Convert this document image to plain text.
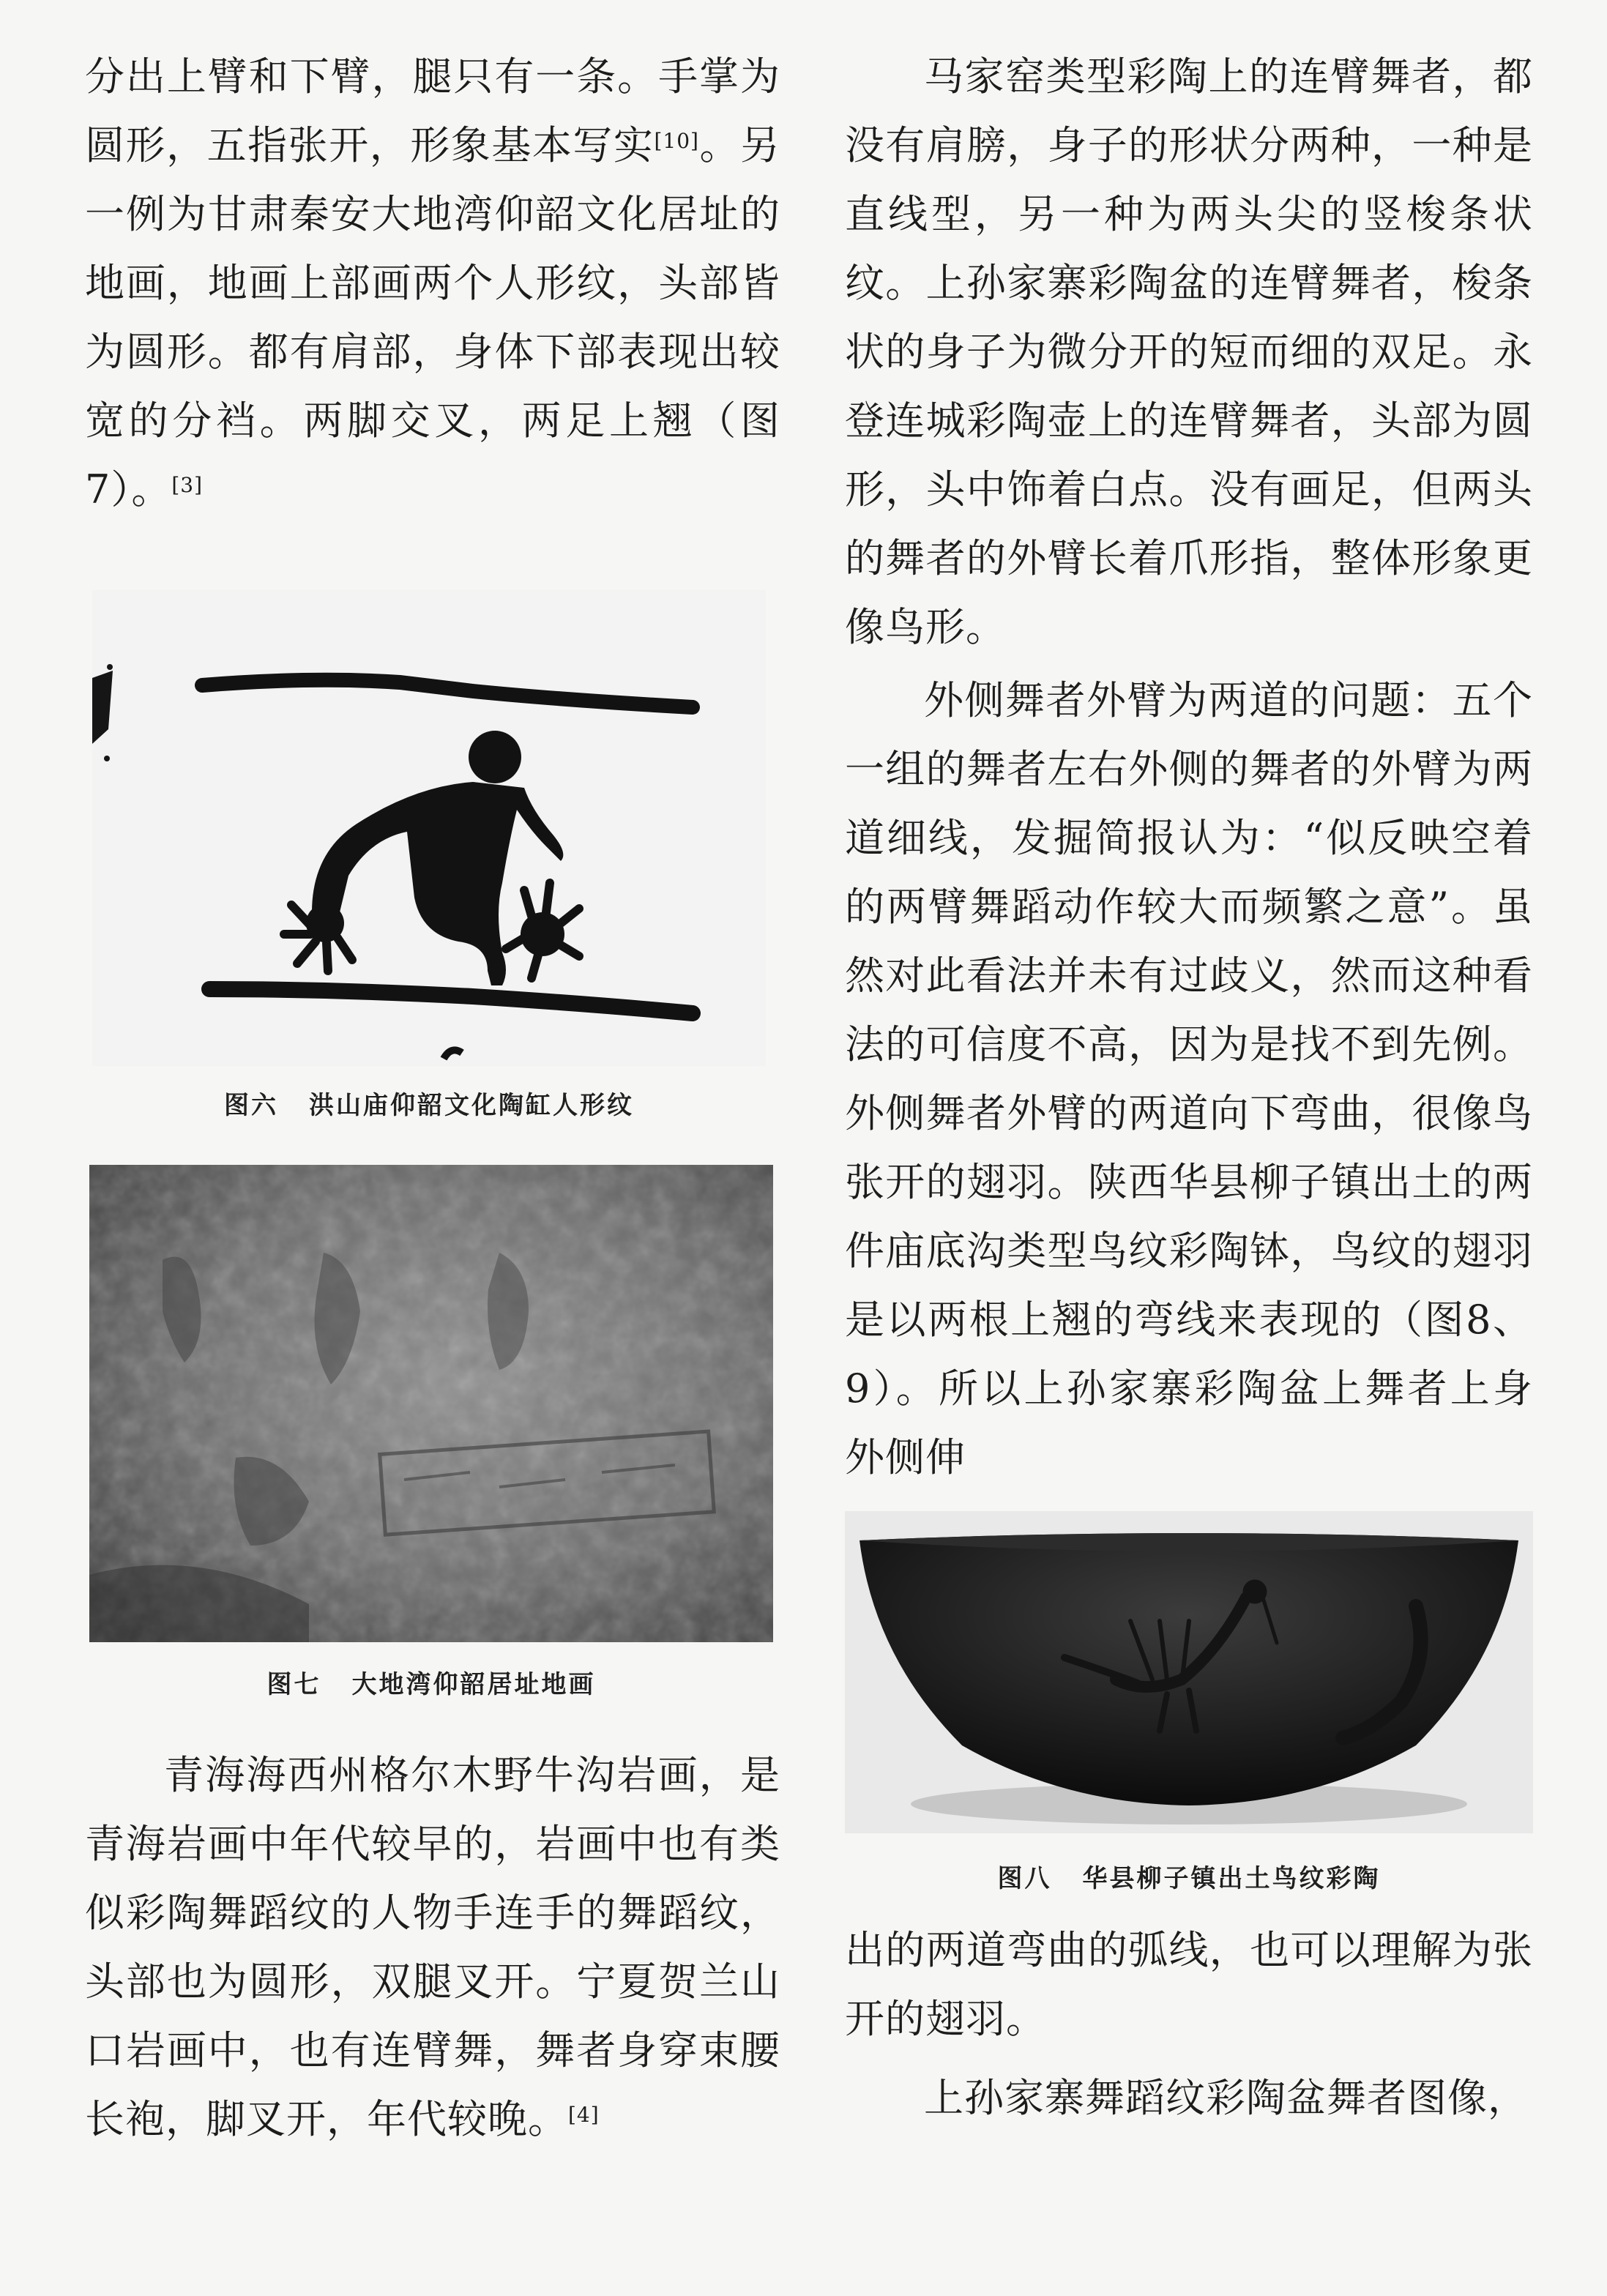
分出上臂和下臂，腿只有一条。手掌为圆形，五指张开，形象基本写实[10]。另一例为甘肃秦安大地湾仰韶文化居址的地画，地画上部画两个人形纹，头部皆为圆形。都有肩部，身体下部表现出较宽的分裆。两脚交叉，两足上翘（图7）。[3]

图六 洪山庙仰韶文化陶缸人形纹
图七 大地湾仰韶居址地画

青海海西州格尔木野牛沟岩画，是青海岩画中年代较早的，岩画中也有类似彩陶舞蹈纹的人物手连手的舞蹈纹，头部也为圆形，双腿叉开。宁夏贺兰山口岩画中，也有连臂舞，舞者身穿束腰长袍，脚叉开，年代较晚。[4]

马家窑类型彩陶上的连臂舞者，都没有肩膀，身子的形状分两种，一种是直线型，另一种为两头尖的竖梭条状纹。上孙家寨彩陶盆的连臂舞者，梭条状的身子为微分开的短而细的双足。永登连城彩陶壶上的连臂舞者，头部为圆形，头中饰着白点。没有画足，但两头的舞者的外臂长着爪形指，整体形象更像鸟形。

外侧舞者外臂为两道的问题：五个一组的舞者左右外侧的舞者的外臂为两道细线，发掘简报认为：“似反映空着的两臂舞蹈动作较大而频繁之意”。虽然对此看法并未有过歧义，然而这种看法的可信度不高，因为是找不到先例。外侧舞者外臂的两道向下弯曲，很像鸟张开的翅羽。陕西华县柳子镇出土的两件庙底沟类型鸟纹彩陶钵，鸟纹的翅羽是以两根上翘的弯线来表现的（图8、9）。所以上孙家寨彩陶盆上舞者上身外侧伸

图八 华县柳子镇出土鸟纹彩陶

出的两道弯曲的弧线，也可以理解为张开的翅羽。

上孙家寨舞蹈纹彩陶盆舞者图像，
